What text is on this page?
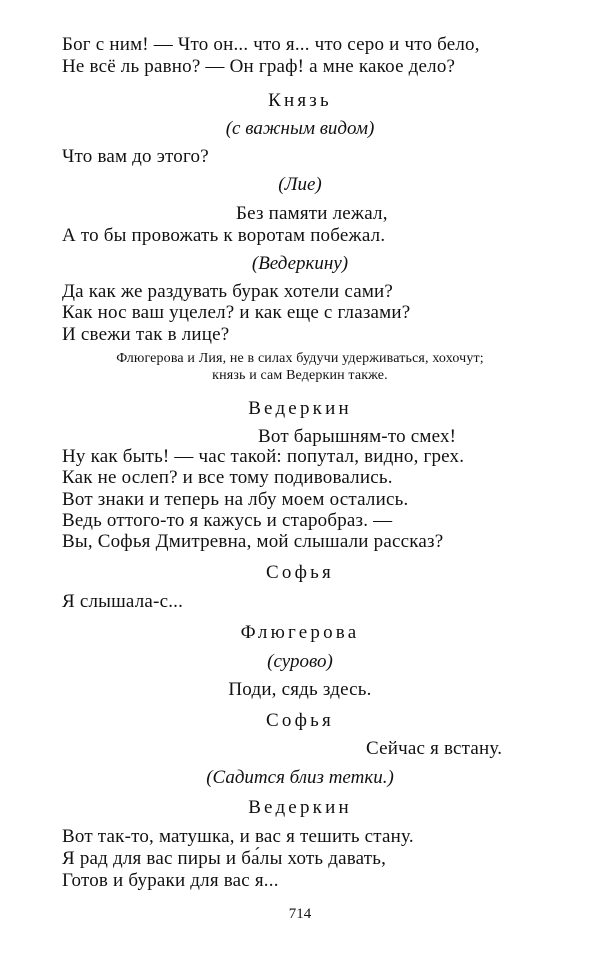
Бог с ним! — Что он... что я... что серо и что бело,
Не всё ль равно? — Он граф! а мне какое дело?
Князь
(с важным видом)
Что вам до этого?
(Лие)
Без памяти лежал,
А то бы провожать к воротам побежал.
(Ведеркину)
Да как же раздувать бурак хотели сами?
Как нос ваш уцелел? и как еще с глазами?
И свежи так в лице?
Флюгерова и Лия, не в силах будучи удерживаться, хохочут;
князь и сам Ведеркин также.
Ведеркин
Вот барышням-то смех!
Ну как быть! — час такой: попутал, видно, грех.
Как не ослеп? и все тому подивовались.
Вот знаки и теперь на лбу моем остались.
Ведь оттого-то я кажусь и старобраз. —
Вы, Софья Дмитревна, мой слышали рассказ?
Софья
Я слышала-с...
Флюгерова
(сурово)
Поди, сядь здесь.
Софья
Сейчас я встану.
(Садится близ тетки.)
Ведеркин
Вот так-то, матушка, и вас я тешить стану.
Я рад для вас пиры и ба́лы хоть давать,
Готов и бураки для вас я...
714
